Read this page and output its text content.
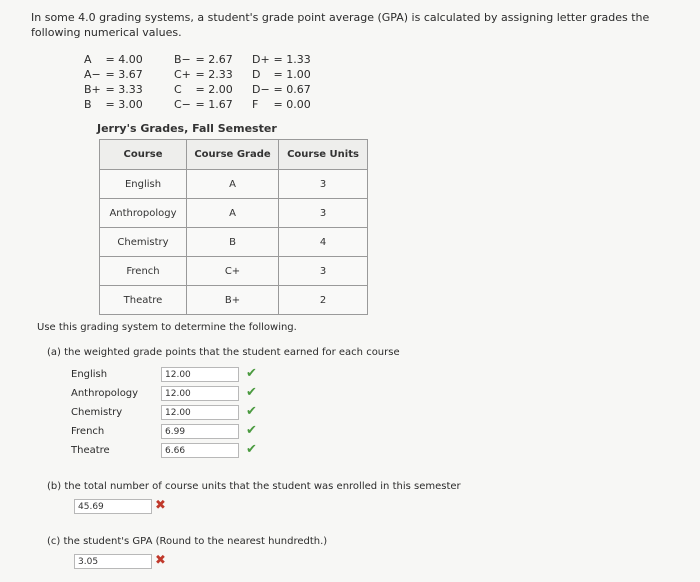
In some 4.0 grading systems, a student's grade point average (GPA) is calculated by assigning letter grades the following numerical values.
A = 4.00
A− = 3.67
B+ = 3.33
B = 3.00
B− = 2.67
C+ = 2.33
C = 2.00
C− = 1.67
D+ = 1.33
D = 1.00
D− = 0.67
F = 0.00
Jerry's Grades, Fall Semester
Course	Course Grade	Course Units
English	A	3
Anthropology	A	3
Chemistry	B	4
French	C+	3
Theatre	B+	2
Use this grading system to determine the following.
(a) the weighted grade points that the student earned for each course
English	12.00	✔
Anthropology	12.00	✔
Chemistry	12.00	✔
French	6.99	✔
Theatre	6.66	✔
(b) the total number of course units that the student was enrolled in this semester
45.69	✖
(c) the student's GPA (Round to the nearest hundredth.)
3.05	✖
